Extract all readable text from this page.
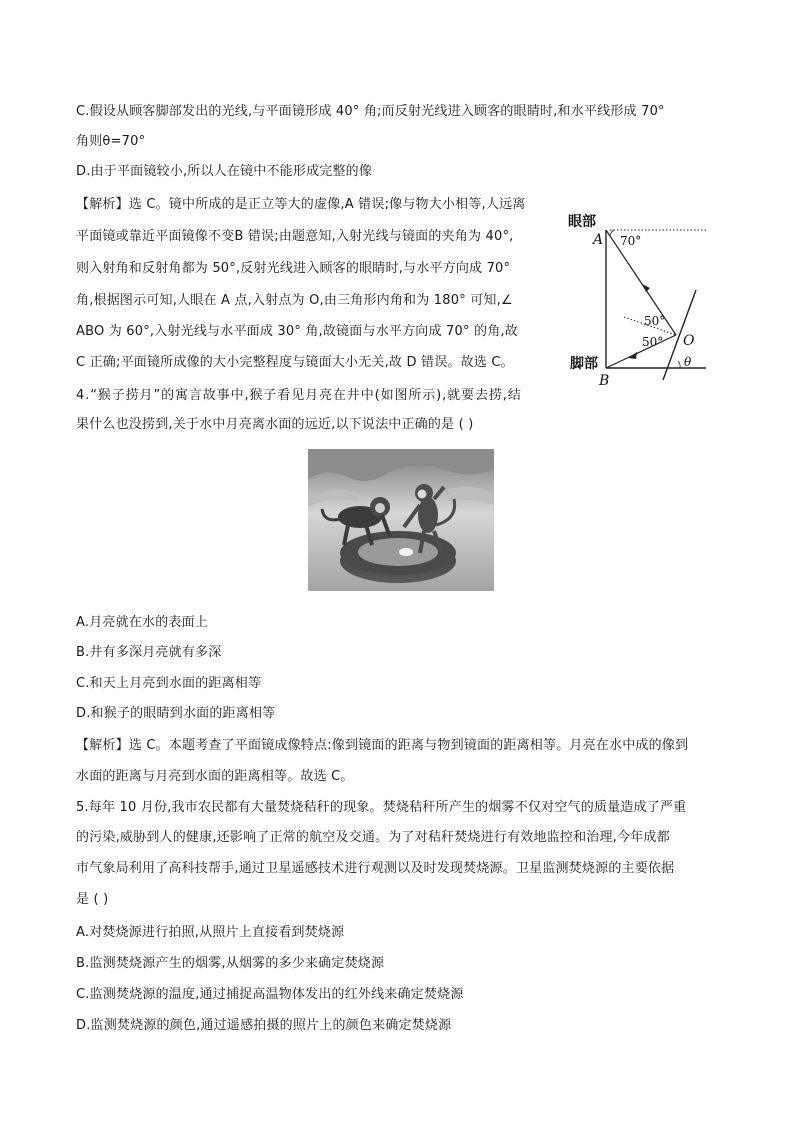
C.假设从顾客脚部发出的光线,与平面镜形成 40° 角;而反射光线进入顾客的眼睛时,和水平线形成 70°
角则θ=70°
D.由于平面镜较小,所以人在镜中不能形成完整的像
【解析】选 C。镜中所成的是正立等大的虚像,A 错误;像与物大小相等,人远离
平面镜或靠近平面镜像不变B 错误;由题意知,入射光线与镜面的夹角为 40°,
则入射角和反射角都为 50°,反射光线进入顾客的眼睛时,与水平方向成 70°
角,根据图示可知,人眼在 A 点,入射点为 O,由三角形内角和为 180° 可知,∠
ABO 为 60°,入射光线与水平面成 30° 角,故镜面与水平方向成 70° 的角,故
C 正确;平面镜所成像的大小完整程度与镜面大小无关,故 D 错误。故选 C。
眼部
脚部
A
B
O
70°
50°
50°
θ
4.“猴子捞月”的寓言故事中,猴子看见月亮在井中(如图所示),就要去捞,结
果什么也没捞到,关于水中月亮离水面的远近,以下说法中正确的是 ( )
A.月亮就在水的表面上
B.井有多深月亮就有多深
C.和天上月亮到水面的距离相等
D.和猴子的眼睛到水面的距离相等
【解析】选 C。本题考查了平面镜成像特点:像到镜面的距离与物到镜面的距离相等。月亮在水中成的像到
水面的距离与月亮到水面的距离相等。故选 C。
5.每年 10 月份,我市农民都有大量焚烧秸秆的现象。焚烧秸秆所产生的烟雾不仅对空气的质量造成了严重
的污染,威胁到人的健康,还影响了正常的航空及交通。为了对秸秆焚烧进行有效地监控和治理,今年成都
市气象局利用了高科技帮手,通过卫星遥感技术进行观测以及时发现焚烧源。卫星监测焚烧源的主要依据
是 ( )
A.对焚烧源进行拍照,从照片上直接看到焚烧源
B.监测焚烧源产生的烟雾,从烟雾的多少来确定焚烧源
C.监测焚烧源的温度,通过捕捉高温物体发出的红外线来确定焚烧源
D.监测焚烧源的颜色,通过遥感拍摄的照片上的颜色来确定焚烧源
